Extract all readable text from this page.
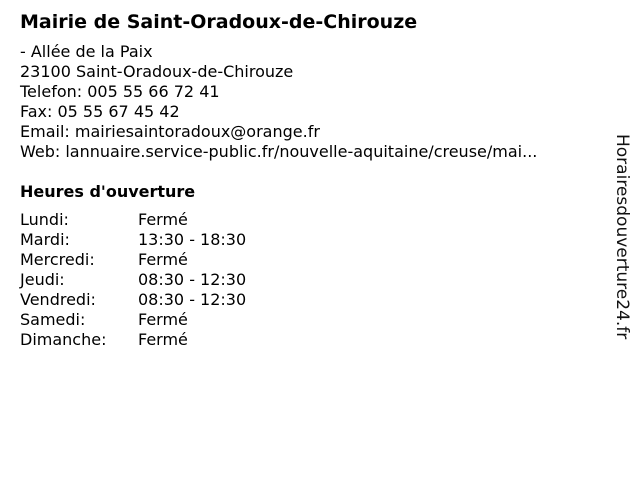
Mairie de Saint-Oradoux-de-Chirouze
- Allée de la Paix
23100 Saint-Oradoux-de-Chirouze
Telefon: 005 55 66 72 41
Fax: 05 55 67 45 42
Email: mairiesaintoradoux@orange.fr
Web: lannuaire.service-public.fr/nouvelle-aquitaine/creuse/mai...
Heures d'ouverture
Lundi:	Fermé
Mardi:	13:30 - 18:30
Mercredi:	Fermé
Jeudi:	08:30 - 12:30
Vendredi:	08:30 - 12:30
Samedi:	Fermé
Dimanche:	Fermé
Horairesdouverture24.fr
